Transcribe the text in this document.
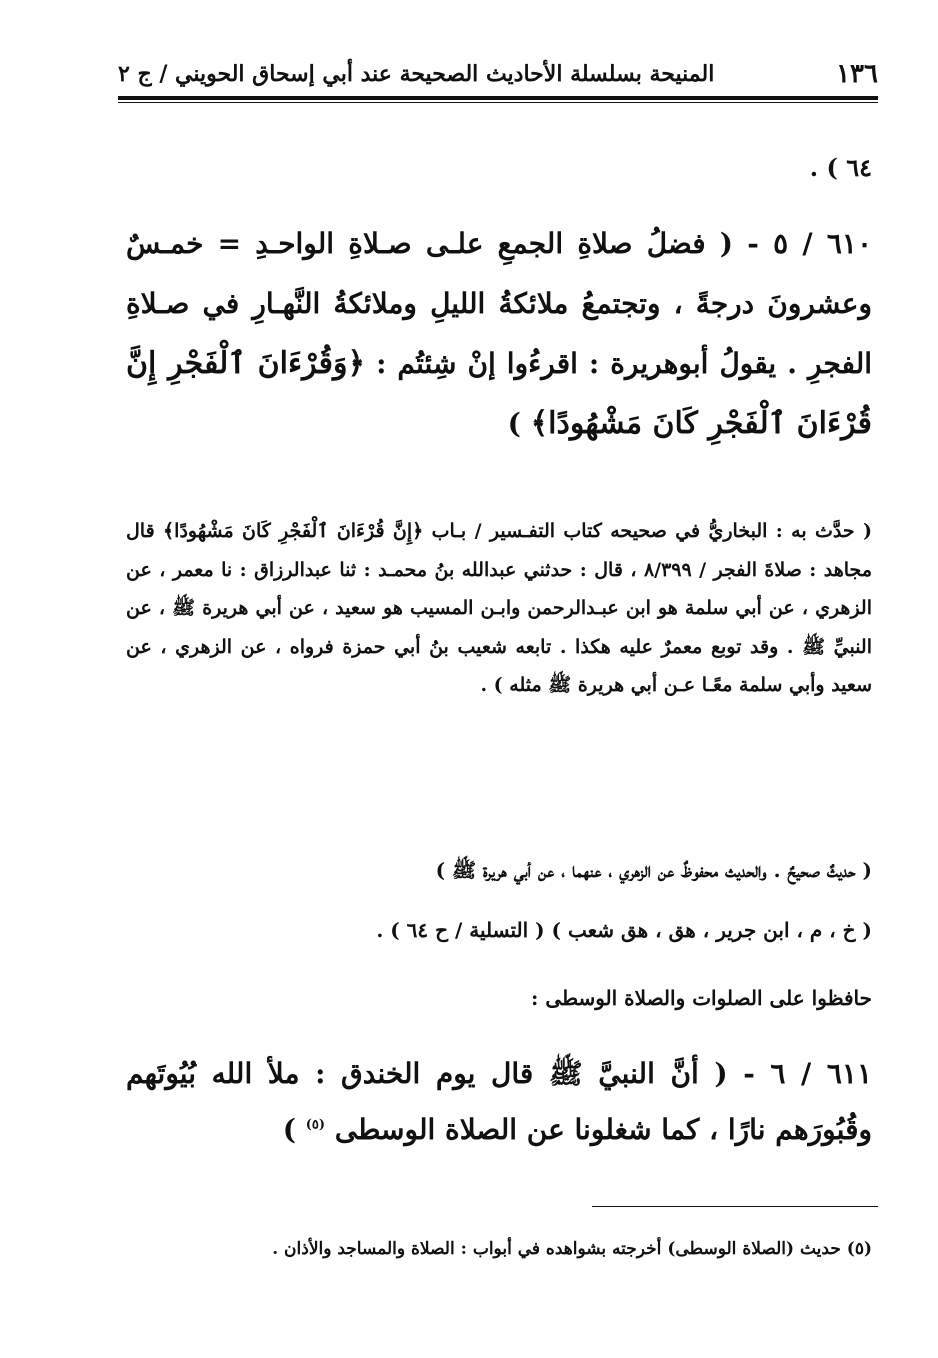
١٣٦
المنيحة بسلسلة الأحاديث الصحيحة عند أبي إسحاق الحويني / ج ٢

٦٤ ) .

٦١٠ / ٥ - ( فضلُ صلاةِ الجمعِ علـى صـلاةِ الواحـدِ = خمـسٌ وعشرونَ درجةً ، وتجتمعُ ملائكةُ الليلِ وملائكةُ النَّهـارِ في صـلاةِ الفجرِ . يقولُ أبوهريرة : اقرءُوا إنْ شِئتُم : ﴿وَقُرْءَانَ ٱلْفَجْرِ إِنَّ قُرْءَانَ ٱلْفَجْرِ كَانَ مَشْهُودًا﴾ )

( حدَّث به : البخاريُّ في صحيحه كتاب التفـسير / بـاب ﴿إِنَّ قُرْءَانَ ٱلْفَجْرِ كَانَ مَشْهُودًا﴾ قال مجاهد : صلاةَ الفجر / ٨/٣٩٩ ، قال : حدثني عبدالله بنُ محمـد : ثنا عبدالرزاق : نا معمر ، عن الزهري ، عن أبي سلمة هو ابن عبـدالرحمن وابـن المسيب هو سعيد ، عن أبي هريرة ﷺ ، عن النبيِّ ﷺ . وقد توبع معمرٌ عليه هكذا . تابعه شعيب بنُ أبي حمزة فرواه ، عن الزهري ، عن سعيد وأبي سلمة معًـا عـن أبي هريرة ﷺ مثله ) .

( حديثٌ صحيحٌ . والحديث محفوظٌ عن الزهري ، عنهما ، عن أبي هريرة ﷺ )

( خ ، م ، ابن جرير ، هق ، هق شعب ) ( التسلية / ح ٦٤ ) .

حافظوا على الصلوات والصلاة الوسطى :

٦١١ / ٦ - ( أنَّ النبيَّ ﷺ قال يوم الخندق : ملأ الله بُيُوتَهم وقُبُورَهم نارًا ، كما شغلونا عن الصلاة الوسطى $^{(٥)}$ )

(٥) حديث (الصلاة الوسطى) أخرجته بشواهده في أبواب : الصلاة والمساجد والأذان .
